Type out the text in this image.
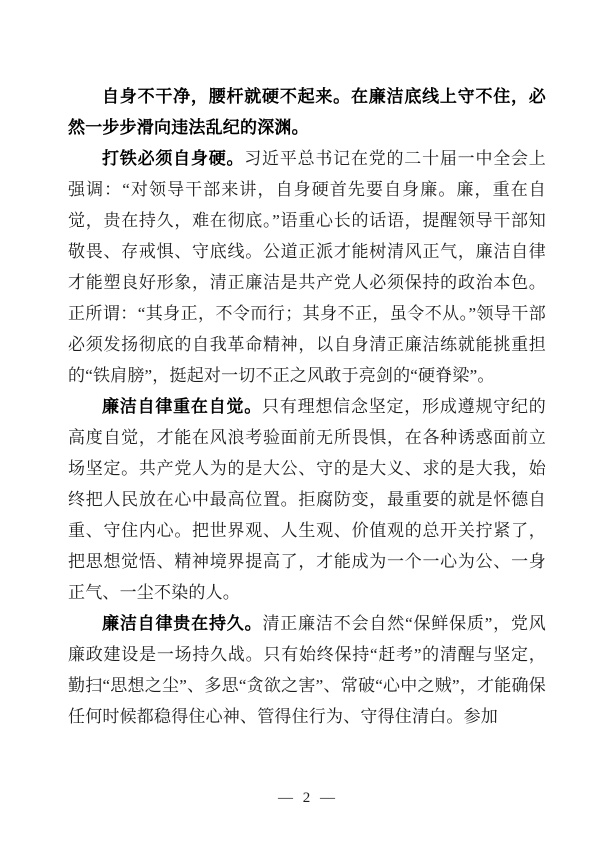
自身不干净，腰杆就硬不起来。在廉洁底线上守不住，必然一步步滑向违法乱纪的深渊。

打铁必须自身硬。习近平总书记在党的二十届一中全会上强调：“对领导干部来讲，自身硬首先要自身廉。廉，重在自觉，贵在持久，难在彻底。”语重心长的话语，提醒领导干部知敬畏、存戒惧、守底线。公道正派才能树清风正气，廉洁自律才能塑良好形象，清正廉洁是共产党人必须保持的政治本色。正所谓：“其身正，不令而行；其身不正，虽令不从。”领导干部必须发扬彻底的自我革命精神，以自身清正廉洁练就能挑重担的“铁肩膀”，挺起对一切不正之风敢于亮剑的“硬脊梁”。

廉洁自律重在自觉。只有理想信念坚定，形成遵规守纪的高度自觉，才能在风浪考验面前无所畏惧，在各种诱惑面前立场坚定。共产党人为的是大公、守的是大义、求的是大我，始终把人民放在心中最高位置。拒腐防变，最重要的就是怀德自重、守住内心。把世界观、人生观、价值观的总开关拧紧了，把思想觉悟、精神境界提高了，才能成为一个一心为公、一身正气、一尘不染的人。

廉洁自律贵在持久。清正廉洁不会自然“保鲜保质”，党风廉政建设是一场持久战。只有始终保持“赶考”的清醒与坚定，勤扫“思想之尘”、多思“贪欲之害”、常破“心中之贼”，才能确保任何时候都稳得住心神、管得住行为、守得住清白。参加

— 2 —
